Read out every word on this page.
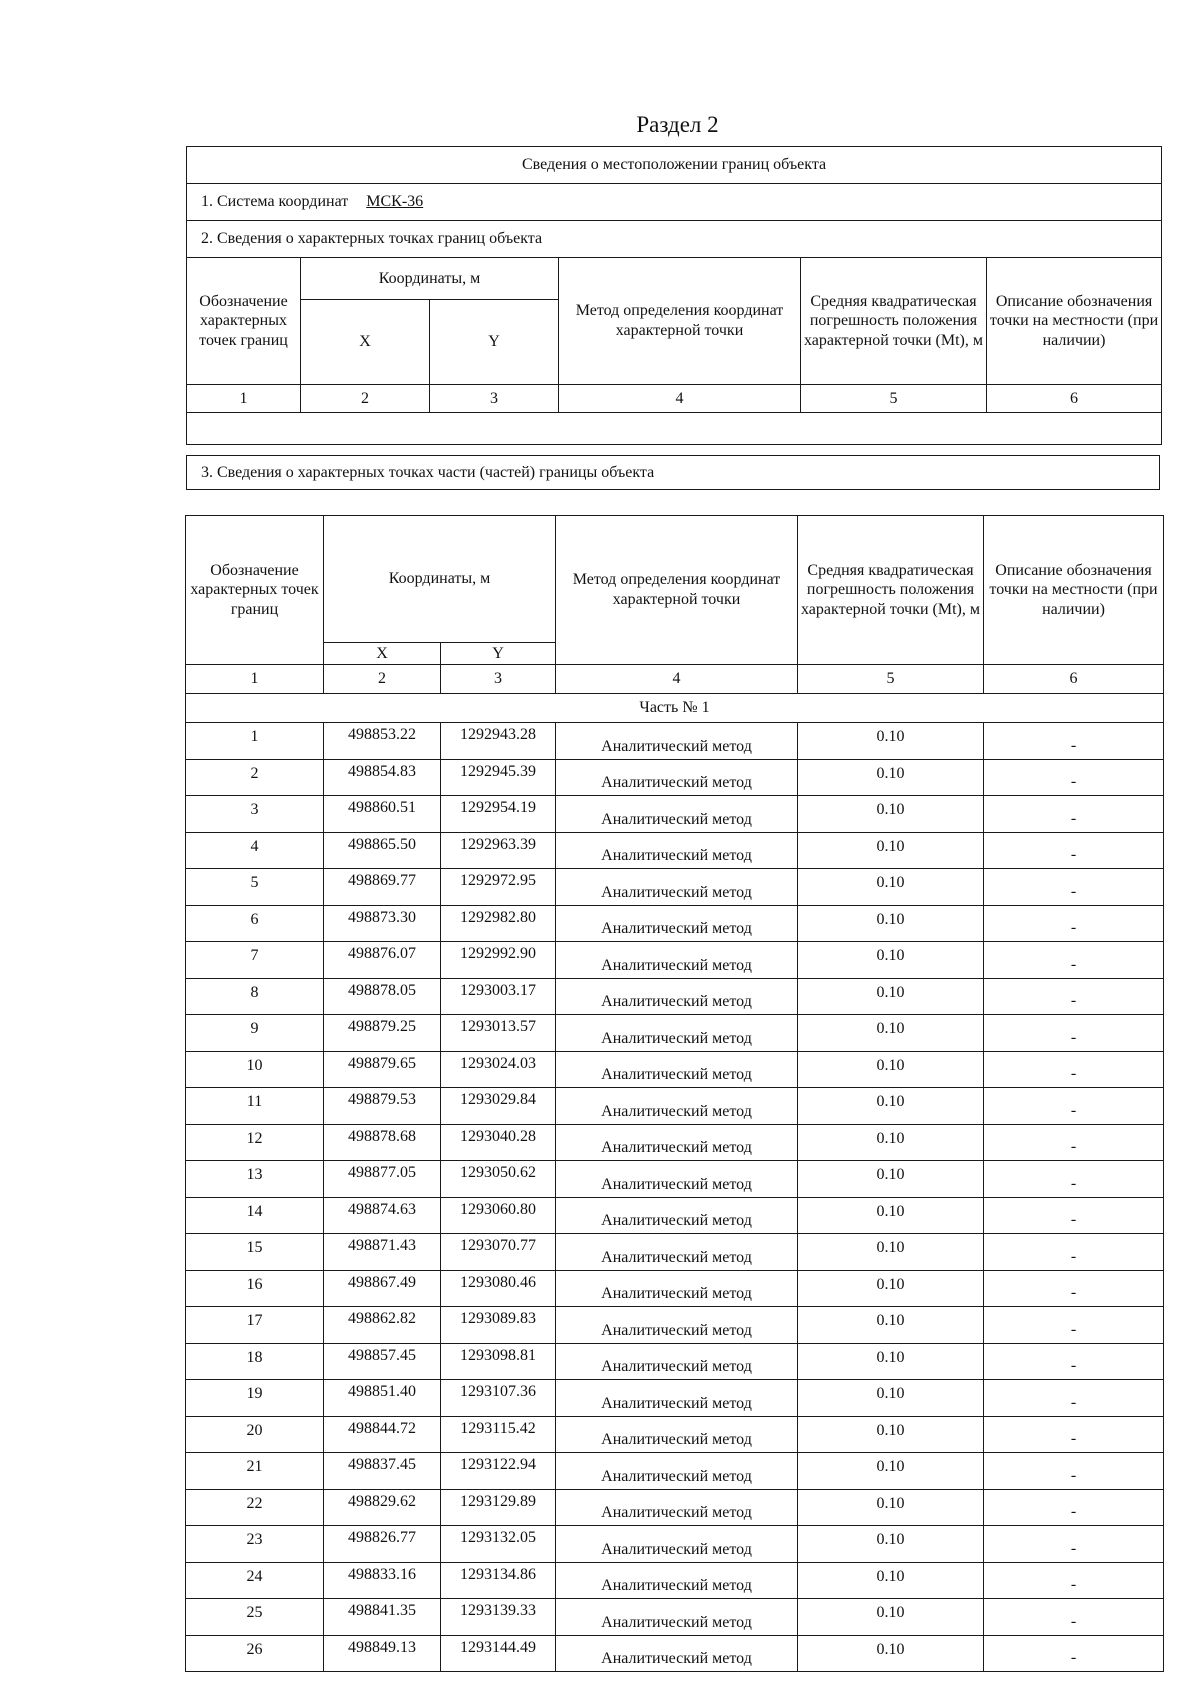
Раздел 2
Сведения о местоположении границ объекта					
1. Система координат МСК-36					
2. Сведения о характерных точках границ объекта					
Обозначение характерных точек границ	Координаты, м		Метод определения координат характерной точки	Средняя квадратическая погрешность положения характерной точки (Mt), м	Описание обозначения точки на местности (при наличии)
	X	Y			
1	2	3	4	5	6

3. Сведения о характерных точках части (частей) границы объекта
Обозначение характерных точек границ	Координаты, м		Метод определения координат характерной точки	Средняя квадратическая погрешность положения характерной точки (Mt), м	Описание обозначения точки на местности (при наличии)
	X	Y			
1	2	3	4	5	6
Часть № 1					
1	498853.22	1292943.28	Аналитический метод	0.10	-
2	498854.83	1292945.39	Аналитический метод	0.10	-
3	498860.51	1292954.19	Аналитический метод	0.10	-
4	498865.50	1292963.39	Аналитический метод	0.10	-
5	498869.77	1292972.95	Аналитический метод	0.10	-
6	498873.30	1292982.80	Аналитический метод	0.10	-
7	498876.07	1292992.90	Аналитический метод	0.10	-
8	498878.05	1293003.17	Аналитический метод	0.10	-
9	498879.25	1293013.57	Аналитический метод	0.10	-
10	498879.65	1293024.03	Аналитический метод	0.10	-
11	498879.53	1293029.84	Аналитический метод	0.10	-
12	498878.68	1293040.28	Аналитический метод	0.10	-
13	498877.05	1293050.62	Аналитический метод	0.10	-
14	498874.63	1293060.80	Аналитический метод	0.10	-
15	498871.43	1293070.77	Аналитический метод	0.10	-
16	498867.49	1293080.46	Аналитический метод	0.10	-
17	498862.82	1293089.83	Аналитический метод	0.10	-
18	498857.45	1293098.81	Аналитический метод	0.10	-
19	498851.40	1293107.36	Аналитический метод	0.10	-
20	498844.72	1293115.42	Аналитический метод	0.10	-
21	498837.45	1293122.94	Аналитический метод	0.10	-
22	498829.62	1293129.89	Аналитический метод	0.10	-
23	498826.77	1293132.05	Аналитический метод	0.10	-
24	498833.16	1293134.86	Аналитический метод	0.10	-
25	498841.35	1293139.33	Аналитический метод	0.10	-
26	498849.13	1293144.49	Аналитический метод	0.10	-
